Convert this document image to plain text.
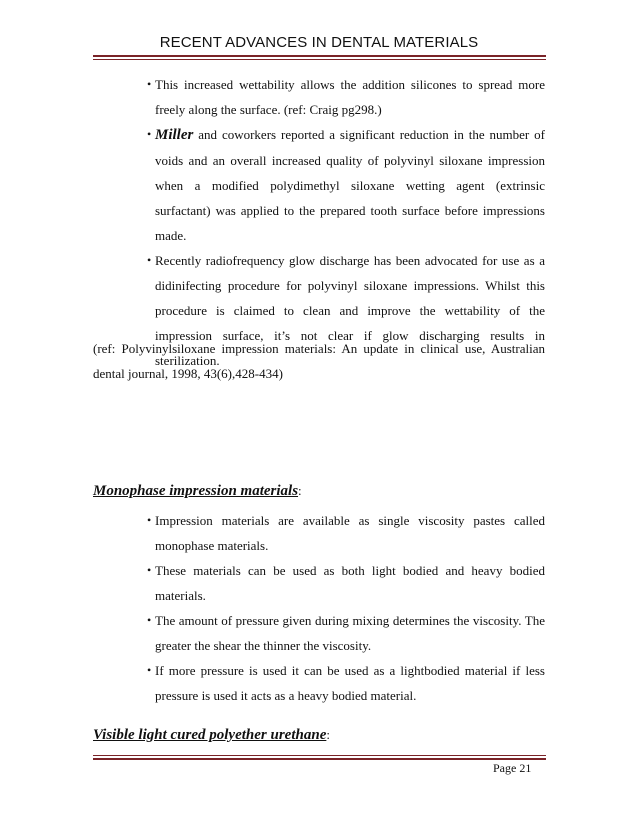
RECENT ADVANCES IN DENTAL MATERIALS
•
This increased wettability allows the addition silicones to spread more freely along the surface. (ref: Craig pg298.)
•
Miller and coworkers reported a significant reduction in the number of voids and an overall increased quality of polyvinyl siloxane impression when a modified polydimethyl siloxane wetting agent (extrinsic surfactant) was applied to the prepared tooth surface before impressions made.
•
Recently radiofrequency glow discharge has been advocated for use as a didinifecting procedure for polyvinyl siloxane impressions. Whilst this procedure is claimed to clean and improve the wettability of the impression surface, it’s not clear if glow discharging results in sterilization.
(ref: Polyvinylsiloxane impression materials: An update in clinical use, Australian dental journal, 1998, 43(6),428-434)
Monophase impression materials:
•
Impression materials are available as single viscosity pastes called monophase materials.
•
These materials can be used as both light bodied and heavy bodied materials.
•
The amount of pressure given during mixing determines the viscosity. The greater the shear the thinner the viscosity.
•
If more pressure is used it can be used as a lightbodied material if less pressure is used it acts as a heavy bodied material.
Visible light cured polyether urethane:
Page 21
